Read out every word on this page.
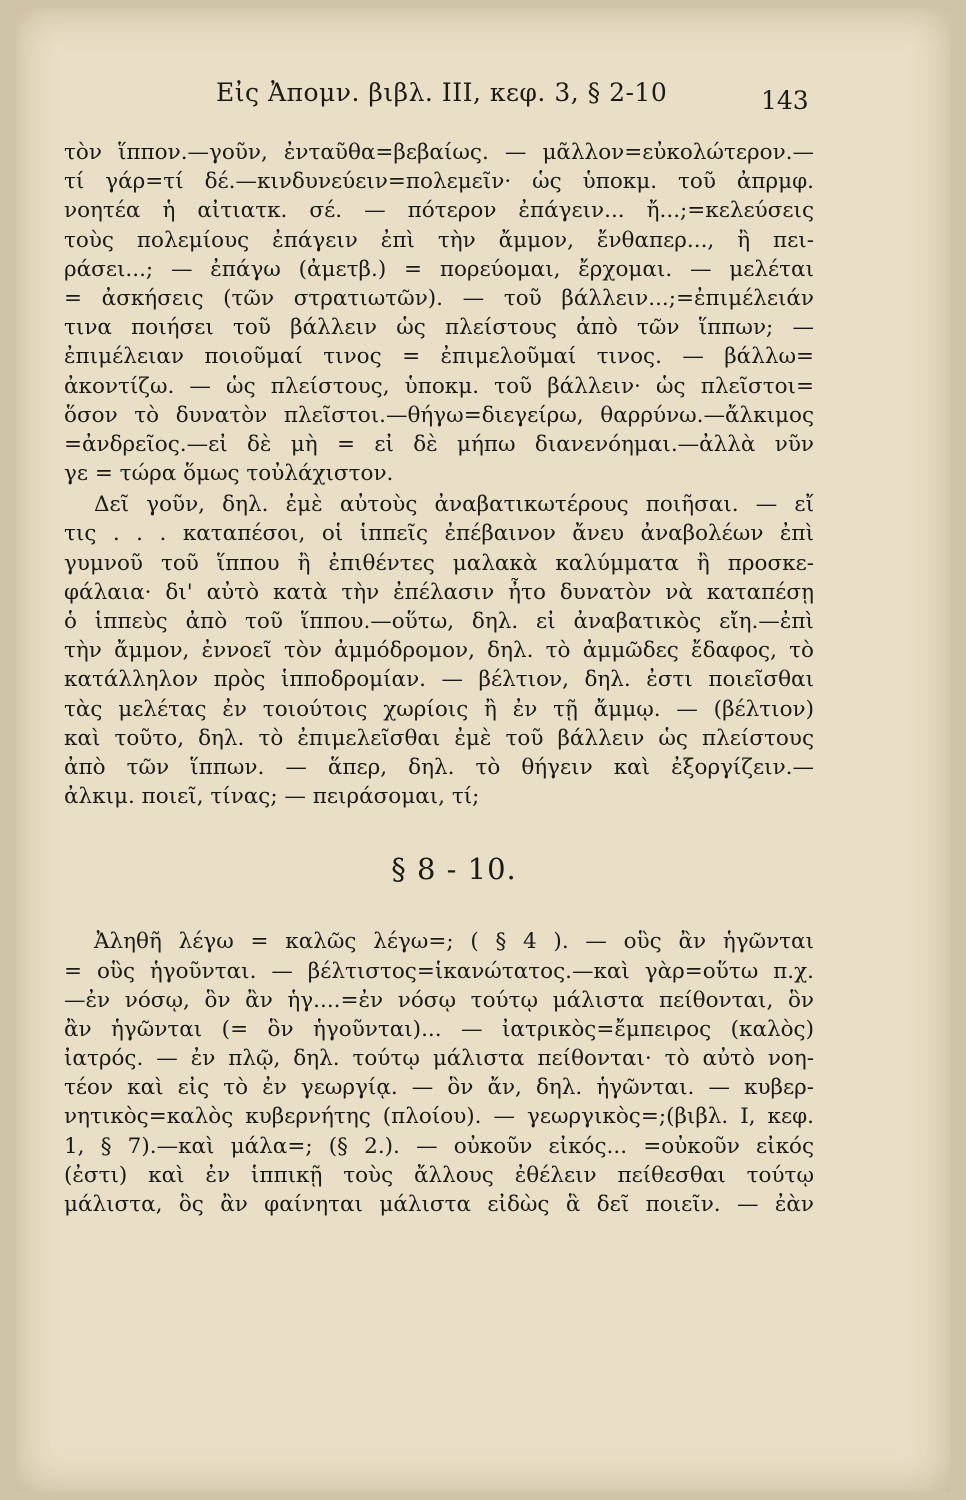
Εἰς Ἀπομν. βιβλ. ΙΙΙ, κεφ. 3, § 2-10	143
τὸν ἵππον.—γοῦν, ἐνταῦθα=βεβαίως. — μᾶλλον=εὐκολώτερον.—
τί γάρ=τί δέ.—κινδυνεύειν=πολεμεῖν· ὡς ὑποκμ. τοῦ ἀπρμφ.
νοητέα ἡ αἰτιατκ. σέ. — πότερον ἐπάγειν... ἤ...;=κελεύσεις
τοὺς πολεμίους ἐπάγειν ἐπὶ τὴν ἄμμον, ἔνθαπερ..., ἢ πει-
ράσει...; — ἐπάγω (ἀμετβ.) = πορεύομαι, ἔρχομαι. — μελέται
= ἀσκήσεις (τῶν στρατιωτῶν). — τοῦ βάλλειν...;=ἐπιμέλειάν
τινα ποιήσει τοῦ βάλλειν ὡς πλείστους ἀπὸ τῶν ἵππων; —
ἐπιμέλειαν ποιοῦμαί τινος = ἐπιμελοῦμαί τινος. — βάλλω=
ἀκοντίζω. — ὡς πλείστους, ὑποκμ. τοῦ βάλλειν· ὡς πλεῖστοι=
ὅσον τὸ δυνατὸν πλεῖστοι.—θήγω=διεγείρω, θαρρύνω.—ἄλκιμος
=ἀνδρεῖος.—εἰ δὲ μὴ = εἰ δὲ μήπω διανενόημαι.—ἀλλὰ νῦν
γε = τώρα ὅμως τοὐλάχιστον.
Δεῖ γοῦν, δηλ. ἐμὲ αὐτοὺς ἀναβατικωτέρους ποιῆσαι. — εἴ
τις . . . καταπέσοι, οἱ ἱππεῖς ἐπέβαινον ἄνευ ἀναβολέων ἐπὶ
γυμνοῦ τοῦ ἵππου ἢ ἐπιθέντες μαλακὰ καλύμματα ἢ προσκε-
φάλαια· δι' αὐτὸ κατὰ τὴν ἐπέλασιν ἦτο δυνατὸν νὰ καταπέσῃ
ὁ ἱππεὺς ἀπὸ τοῦ ἵππου.—οὕτω, δηλ. εἰ ἀναβατικὸς εἴη.—ἐπὶ
τὴν ἄμμον, ἐννοεῖ τὸν ἀμμόδρομον, δηλ. τὸ ἀμμῶδες ἔδαφος, τὸ
κατάλληλον πρὸς ἱπποδρομίαν. — βέλτιον, δηλ. ἐστι ποιεῖσθαι
τὰς μελέτας ἐν τοιούτοις χωρίοις ἢ ἐν τῇ ἄμμῳ. — (βέλτιον)
καὶ τοῦτο, δηλ. τὸ ἐπιμελεῖσθαι ἐμὲ τοῦ βάλλειν ὡς πλείστους
ἀπὸ τῶν ἵππων. — ἅπερ, δηλ. τὸ θήγειν καὶ ἐξοργίζειν.—
ἀλκιμ. ποιεῖ, τίνας; — πειράσομαι, τί;
§ 8 - 10.
Ἀληθῆ λέγω = καλῶς λέγω=; ( § 4 ). — οὓς ἂν ἡγῶνται
= οὓς ἡγοῦνται. — βέλτιστος=ἱκανώτατος.—καὶ γὰρ=οὕτω π.χ.
—ἐν νόσῳ, ὃν ἂν ἡγ....=ἐν νόσῳ τούτῳ μάλιστα πείθονται, ὃν
ἂν ἡγῶνται (= ὃν ἡγοῦνται)... — ἰατρικὸς=ἔμπειρος (καλὸς)
ἰατρός. — ἐν πλῷ, δηλ. τούτῳ μάλιστα πείθονται· τὸ αὐτὸ νοη-
τέον καὶ εἰς τὸ ἐν γεωργίᾳ. — ὃν ἄν, δηλ. ἡγῶνται. — κυβερ-
νητικὸς=καλὸς κυβερνήτης (πλοίου). — γεωργικὸς=;(βιβλ. Ι, κεφ.
1, § 7).—καὶ μάλα=; (§ 2.). — οὐκοῦν εἰκός... =οὐκοῦν εἰκός
(ἐστι) καὶ ἐν ἱππικῇ τοὺς ἄλλους ἐθέλειν πείθεσθαι τούτῳ
μάλιστα, ὃς ἂν φαίνηται μάλιστα εἰδὼς ἃ δεῖ ποιεῖν. — ἐὰν
